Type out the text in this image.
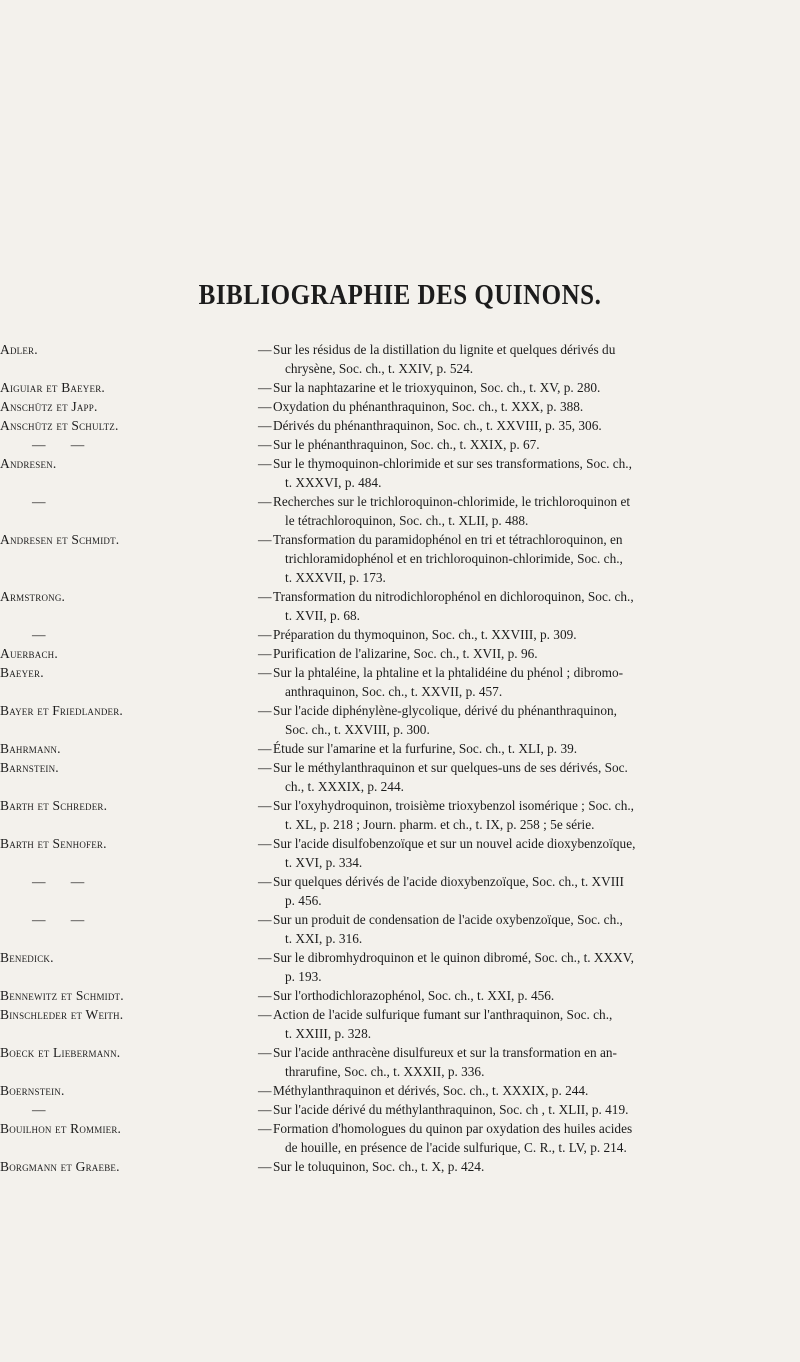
BIBLIOGRAPHIE DES QUINONS.
Adler.	— Sur les résidus de la distillation du lignite et quelques dérivés du
chrysène, Soc. ch., t. XXIV, p. 524.
Aiguiar et Baeyer.	— Sur la naphtazarine et le trioxyquinon, Soc. ch., t. XV, p. 280.
Anschütz et Japp.	— Oxydation du phénanthraquinon, Soc. ch., t. XXX, p. 388.
Anschütz et Schultz.	— Dérivés du phénanthraquinon, Soc. ch., t. XXVIII, p. 35, 306.
—       —	— Sur le phénanthraquinon, Soc. ch., t. XXIX, p. 67.
Andresen.	— Sur le thymoquinon-chlorimide et sur ses transformations, Soc. ch.,
t. XXXVI, p. 484.
—	— Recherches sur le trichloroquinon-chlorimide, le trichloroquinon et
le tétrachloroquinon, Soc. ch., t. XLII, p. 488.
Andresen et Schmidt.	— Transformation du paramidophénol en tri et tétrachloroquinon, en
trichloramidophénol et en trichloroquinon-chlorimide, Soc. ch.,
t. XXXVII, p. 173.
Armstrong.	— Transformation du nitrodichlorophénol en dichloroquinon, Soc. ch.,
t. XVII, p. 68.
—	— Préparation du thymoquinon, Soc. ch., t. XXVIII, p. 309.
Auerbach.	— Purification de l'alizarine, Soc. ch., t. XVII, p. 96.
Baeyer.	— Sur la phtaléine, la phtaline et la phtalidéine du phénol ; dibromo-
anthraquinon, Soc. ch., t. XXVII, p. 457.
Bayer et Friedlander.	— Sur l'acide diphénylène-glycolique, dérivé du phénanthraquinon,
Soc. ch., t. XXVIII, p. 300.
Bahrmann.	— Étude sur l'amarine et la furfurine, Soc. ch., t. XLI, p. 39.
Barnstein.	— Sur le méthylanthraquinon et sur quelques-uns de ses dérivés, Soc.
ch., t. XXXIX, p. 244.
Barth et Schreder.	— Sur l'oxyhydroquinon, troisième trioxybenzol isomérique ; Soc. ch.,
t. XL, p. 218 ; Journ. pharm. et ch., t. IX, p. 258 ; 5e série.
Barth et Senhofer.	— Sur l'acide disulfobenzoïque et sur un nouvel acide dioxybenzoïque,
t. XVI, p. 334.
—       —	— Sur quelques dérivés de l'acide dioxybenzoïque, Soc. ch., t. XVIII
p. 456.
—       —	— Sur un produit de condensation de l'acide oxybenzoïque, Soc. ch.,
t. XXI, p. 316.
Benedick.	— Sur le dibromhydroquinon et le quinon dibromé, Soc. ch., t. XXXV,
p. 193.
Bennewitz et Schmidt.	— Sur l'orthodichlorazophénol, Soc. ch., t. XXI, p. 456.
Binschleder et Weith.	— Action de l'acide sulfurique fumant sur l'anthraquinon, Soc. ch.,
t. XXIII, p. 328.
Boeck et Liebermann.	— Sur l'acide anthracène disulfureux et sur la transformation en an-
thrarufine, Soc. ch., t. XXXII, p. 336.
Boernstein.	— Méthylanthraquinon et dérivés, Soc. ch., t. XXXIX, p. 244.
—	— Sur l'acide dérivé du méthylanthraquinon, Soc. ch , t. XLII, p. 419.
Bouilhon et Rommier.	— Formation d'homologues du quinon par oxydation des huiles acides
de houille, en présence de l'acide sulfurique, C. R., t. LV, p. 214.
Borgmann et Graebe.	— Sur le toluquinon, Soc. ch., t. X, p. 424.
